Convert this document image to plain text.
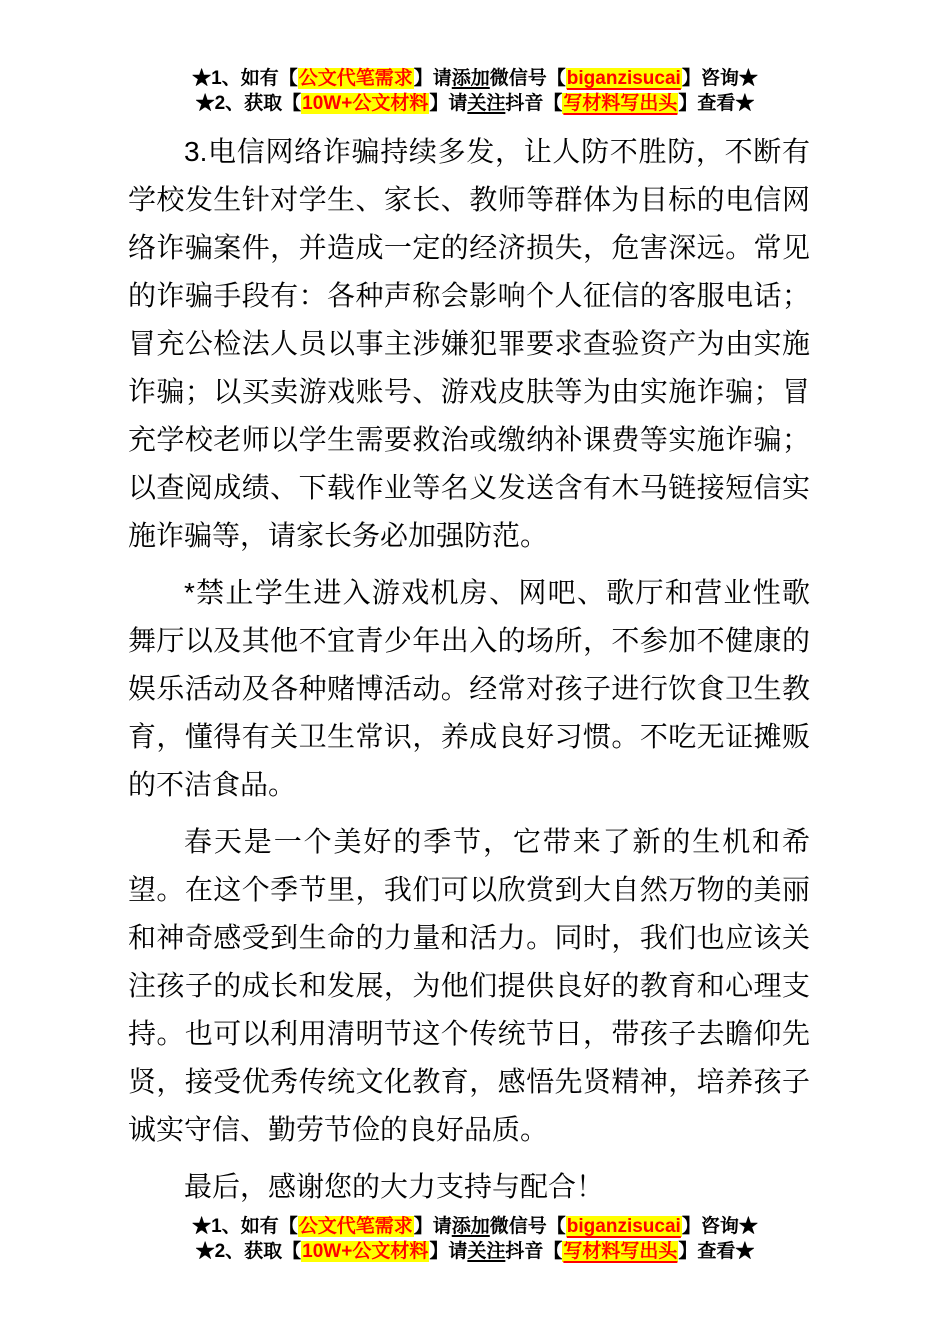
★1、如有【公文代笔需求】请添加微信号【biganzisucai】咨询★
★2、获取【10W+公文材料】请关注抖音【写材料写出头】查看★

3.电信网络诈骗持续多发，让人防不胜防，不断有学校发生针对学生、家长、教师等群体为目标的电信网络诈骗案件，并造成一定的经济损失，危害深远。常见的诈骗手段有：各种声称会影响个人征信的客服电话；冒充公检法人员以事主涉嫌犯罪要求查验资产为由实施诈骗；以买卖游戏账号、游戏皮肤等为由实施诈骗；冒充学校老师以学生需要救治或缴纳补课费等实施诈骗；以查阅成绩、下载作业等名义发送含有木马链接短信实施诈骗等，请家长务必加强防范。

*禁止学生进入游戏机房、网吧、歌厅和营业性歌舞厅以及其他不宜青少年出入的场所，不参加不健康的娱乐活动及各种赌博活动。经常对孩子进行饮食卫生教育，懂得有关卫生常识，养成良好习惯。不吃无证摊贩的不洁食品。

春天是一个美好的季节，它带来了新的生机和希望。在这个季节里，我们可以欣赏到大自然万物的美丽和神奇感受到生命的力量和活力。同时，我们也应该关注孩子的成长和发展，为他们提供良好的教育和心理支持。也可以利用清明节这个传统节日，带孩子去瞻仰先贤，接受优秀传统文化教育，感悟先贤精神，培养孩子诚实守信、勤劳节俭的良好品质。

最后，感谢您的大力支持与配合！

★1、如有【公文代笔需求】请添加微信号【biganzisucai】咨询★
★2、获取【10W+公文材料】请关注抖音【写材料写出头】查看★
